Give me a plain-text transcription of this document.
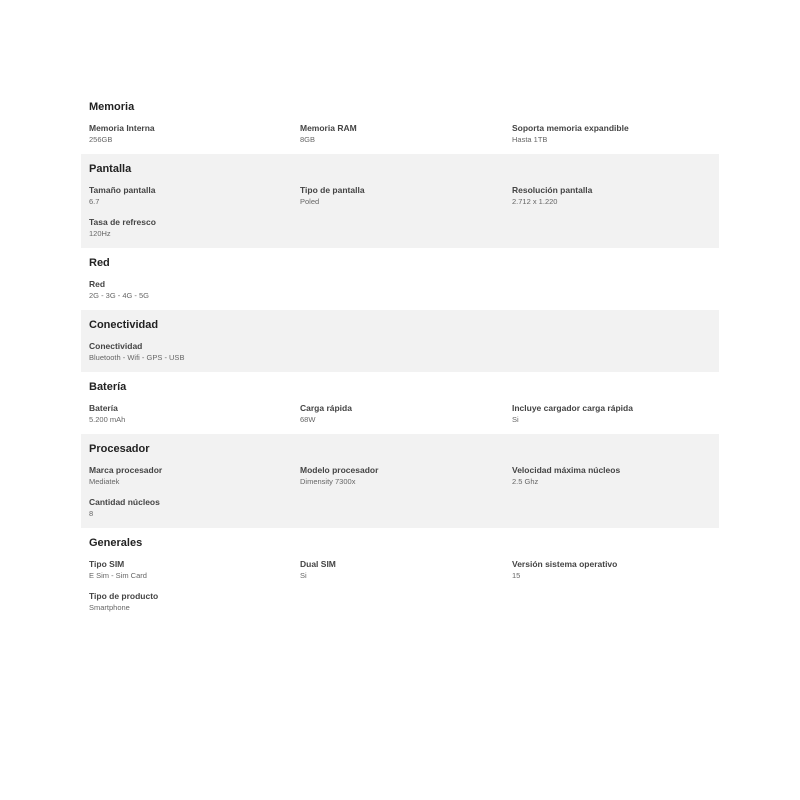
Memoria
Memoria Interna
256GB
Memoria RAM
8GB
Soporta memoria expandible
Hasta 1TB
Pantalla
Tamaño pantalla
6.7
Tipo de pantalla
Poled
Resolución pantalla
2.712 x 1.220
Tasa de refresco
120Hz
Red
Red
2G - 3G - 4G - 5G
Conectividad
Conectividad
Bluetooth - Wifi - GPS - USB
Batería
Batería
5.200 mAh
Carga rápida
68W
Incluye cargador carga rápida
Si
Procesador
Marca procesador
Mediatek
Modelo procesador
Dimensity 7300x
Velocidad máxima núcleos
2.5 Ghz
Cantidad núcleos
8
Generales
Tipo SIM
E Sim - Sim Card
Dual SIM
Si
Versión sistema operativo
15
Tipo de producto
Smartphone
